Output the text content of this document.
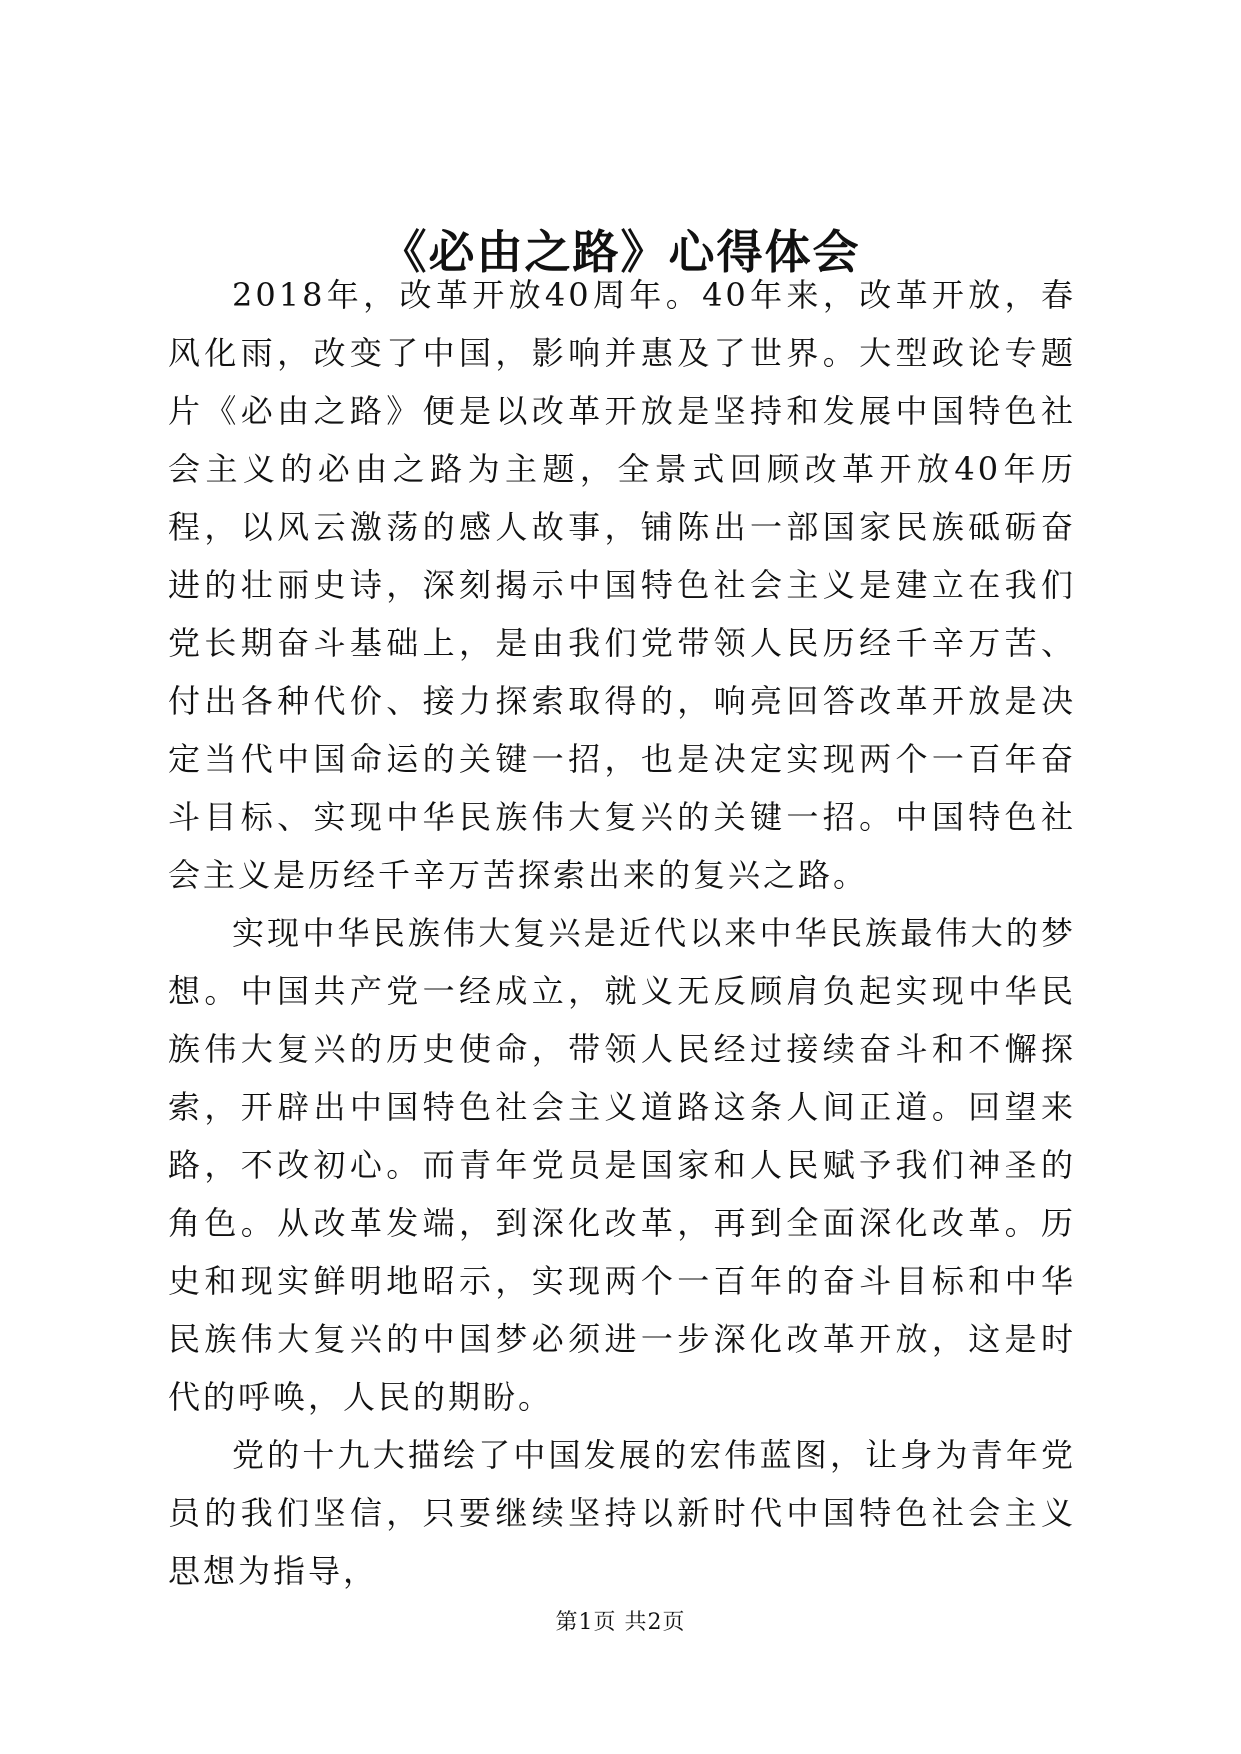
《必由之路》心得体会

2018年，改革开放40周年。40年来，改革开放，春风化雨，改变了中国，影响并惠及了世界。大型政论专题片《必由之路》便是以改革开放是坚持和发展中国特色社会主义的必由之路为主题，全景式回顾改革开放40年历程，以风云激荡的感人故事，铺陈出一部国家民族砥砺奋进的壮丽史诗，深刻揭示中国特色社会主义是建立在我们党长期奋斗基础上，是由我们党带领人民历经千辛万苦、付出各种代价、接力探索取得的，响亮回答改革开放是决定当代中国命运的关键一招，也是决定实现两个一百年奋斗目标、实现中华民族伟大复兴的关键一招。中国特色社会主义是历经千辛万苦探索出来的复兴之路。

实现中华民族伟大复兴是近代以来中华民族最伟大的梦想。中国共产党一经成立，就义无反顾肩负起实现中华民族伟大复兴的历史使命，带领人民经过接续奋斗和不懈探索，开辟出中国特色社会主义道路这条人间正道。回望来路，不改初心。而青年党员是国家和人民赋予我们神圣的角色。从改革发端，到深化改革，再到全面深化改革。历史和现实鲜明地昭示，实现两个一百年的奋斗目标和中华民族伟大复兴的中国梦必须进一步深化改革开放，这是时代的呼唤，人民的期盼。

党的十九大描绘了中国发展的宏伟蓝图，让身为青年党员的我们坚信，只要继续坚持以新时代中国特色社会主义思想为指导，

第1页 共2页
